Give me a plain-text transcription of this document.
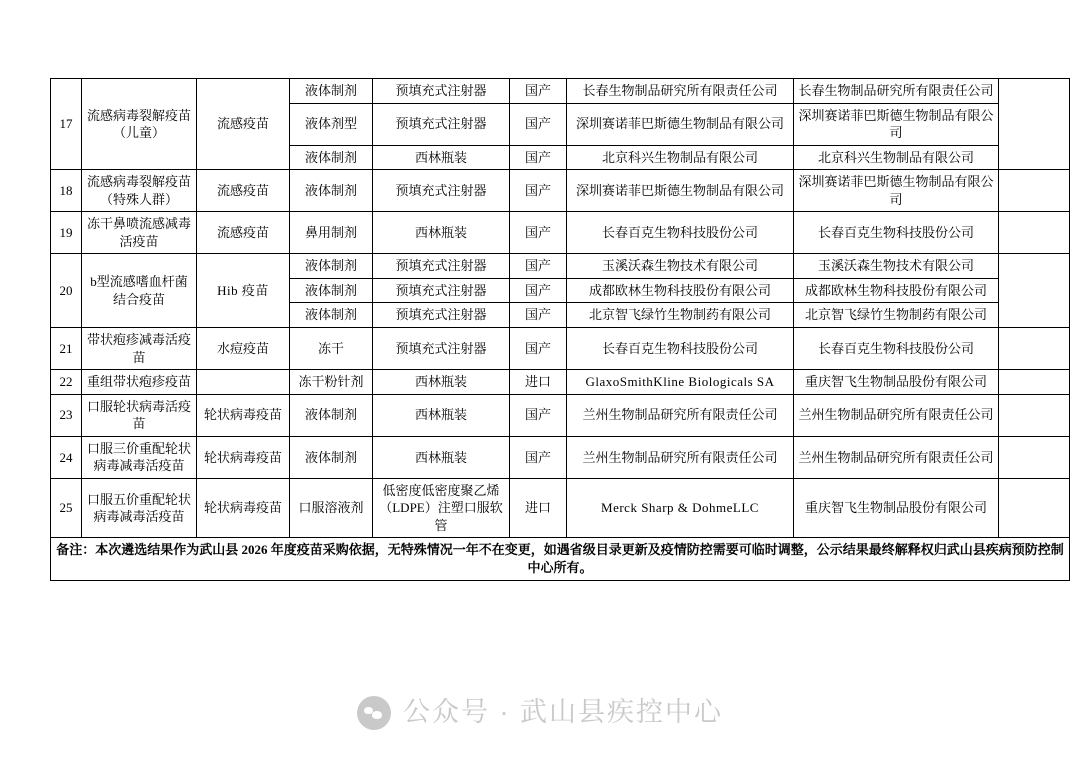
17	流感病毒裂解疫苗（儿童）	流感疫苗	液体制剂	预填充式注射器	国产	长春生物制品研究所有限责任公司	长春生物制品研究所有限责任公司	
			液体剂型	预填充式注射器	国产	深圳赛诺菲巴斯德生物制品有限公司	深圳赛诺菲巴斯德生物制品有限公司	
			液体制剂	西林瓶装	国产	北京科兴生物制品有限公司	北京科兴生物制品有限公司	
18	流感病毒裂解疫苗（特殊人群）	流感疫苗	液体制剂	预填充式注射器	国产	深圳赛诺菲巴斯德生物制品有限公司	深圳赛诺菲巴斯德生物制品有限公司	
19	冻干鼻喷流感减毒活疫苗	流感疫苗	鼻用制剂	西林瓶装	国产	长春百克生物科技股份公司	长春百克生物科技股份公司	
20	b型流感嗜血杆菌结合疫苗	Hib 疫苗	液体制剂	预填充式注射器	国产	玉溪沃森生物技术有限公司	玉溪沃森生物技术有限公司	
			液体制剂	预填充式注射器	国产	成都欧林生物科技股份有限公司	成都欧林生物科技股份有限公司	
			液体制剂	预填充式注射器	国产	北京智飞绿竹生物制药有限公司	北京智飞绿竹生物制药有限公司	
21	带状疱疹减毒活疫苗	水痘疫苗	冻干	预填充式注射器	国产	长春百克生物科技股份公司	长春百克生物科技股份公司	
22	重组带状疱疹疫苗		冻干粉针剂	西林瓶装	进口	GlaxoSmithKline Biologicals SA	重庆智飞生物制品股份有限公司	
23	口服轮状病毒活疫苗	轮状病毒疫苗	液体制剂	西林瓶装	国产	兰州生物制品研究所有限责任公司	兰州生物制品研究所有限责任公司	
24	口服三价重配轮状病毒减毒活疫苗	轮状病毒疫苗	液体制剂	西林瓶装	国产	兰州生物制品研究所有限责任公司	兰州生物制品研究所有限责任公司	
25	口服五价重配轮状病毒减毒活疫苗	轮状病毒疫苗	口服溶液剂	低密度低密度聚乙烯（LDPE）注塑口服软管	进口	Merck Sharp & DohmeLLC	重庆智飞生物制品股份有限公司	
备注：本次遴选结果作为武山县 2026 年度疫苗采购依据，无特殊情况一年不在变更，如遇省级目录更新及疫情防控需要可临时调整，公示结果最终解释权归武山县疾病预防控制中心所有。								
公众号 · 武山县疾控中心
